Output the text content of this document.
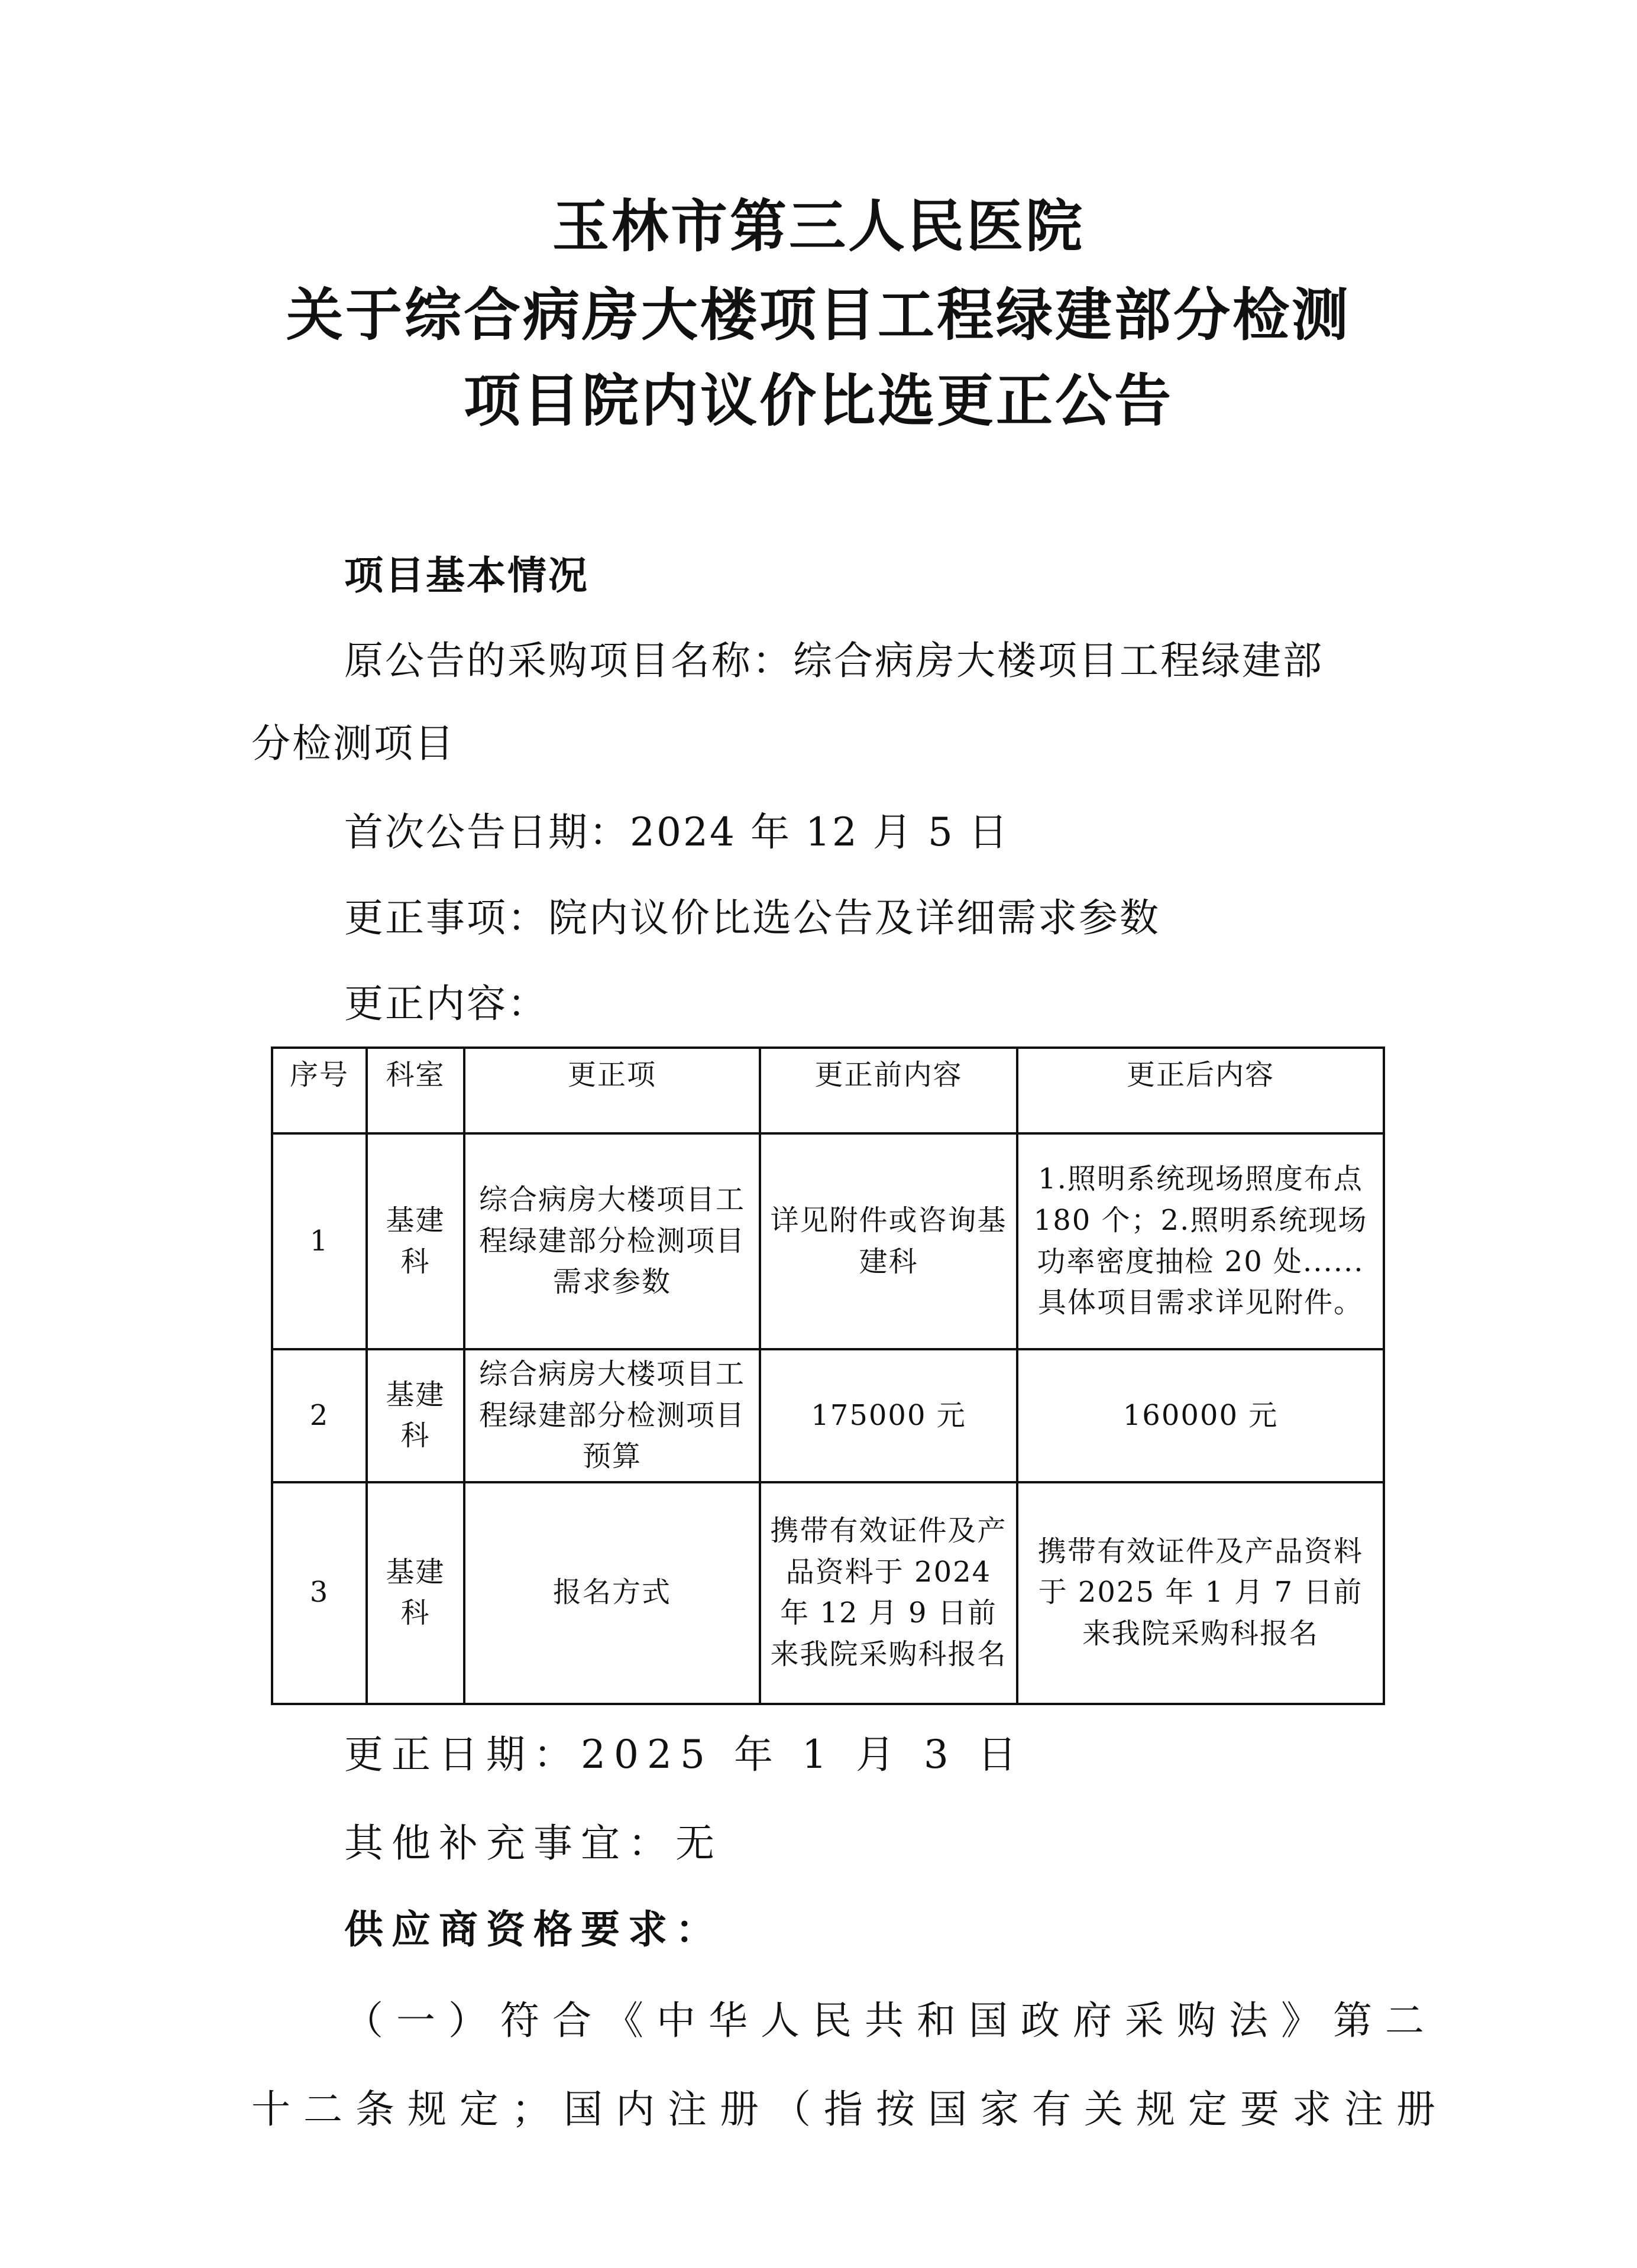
玉林市第三人民医院
关于综合病房大楼项目工程绿建部分检测
项目院内议价比选更正公告
项目基本情况
原公告的采购项目名称：综合病房大楼项目工程绿建部
分检测项目
首次公告日期：2024 年 12 月 5 日
更正事项：院内议价比选公告及详细需求参数
更正内容：
序号	科室	更正项	更正前内容	更正后内容
1	基建科	综合病房大楼项目工程绿建部分检测项目需求参数	详见附件或咨询基建科	1.照明系统现场照度布点 180 个；2.照明系统现场功率密度抽检 20 处......具体项目需求详见附件。
2	基建科	综合病房大楼项目工程绿建部分检测项目预算	175000 元	160000 元
3	基建科	报名方式	携带有效证件及产品资料于 2024 年 12 月 9 日前来我院采购科报名	携带有效证件及产品资料于 2025 年 1 月 7 日前来我院采购科报名
更正日期：2025 年 1 月 3 日
其他补充事宜：无
供应商资格要求：
（一）符合《中华人民共和国政府采购法》第二
十二条规定；国内注册（指按国家有关规定要求注册
